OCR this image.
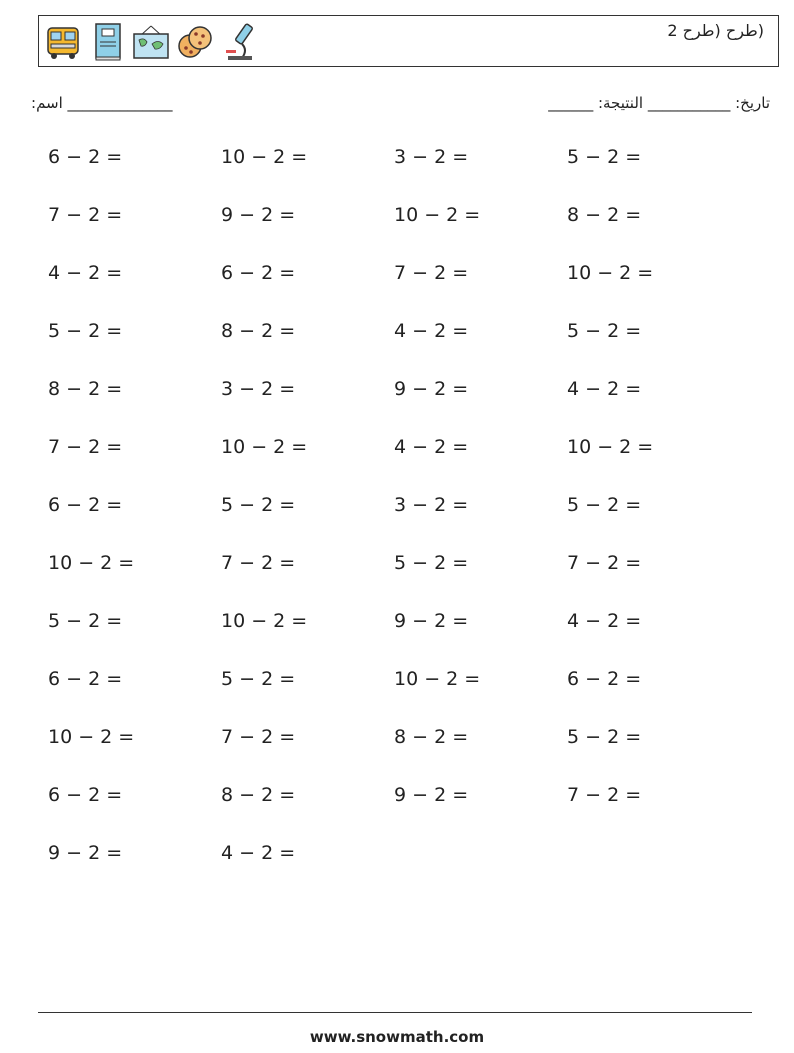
(طرح (طرح 2
:اسم ______________	______ :تاريخ: ___________ النتيجة
6 − 2 =	10 − 2 =	3 − 2 =	5 − 2 =
7 − 2 =	9 − 2 =	10 − 2 =	8 − 2 =
4 − 2 =	6 − 2 =	7 − 2 =	10 − 2 =
5 − 2 =	8 − 2 =	4 − 2 =	5 − 2 =
8 − 2 =	3 − 2 =	9 − 2 =	4 − 2 =
7 − 2 =	10 − 2 =	4 − 2 =	10 − 2 =
6 − 2 =	5 − 2 =	3 − 2 =	5 − 2 =
10 − 2 =	7 − 2 =	5 − 2 =	7 − 2 =
5 − 2 =	10 − 2 =	9 − 2 =	4 − 2 =
6 − 2 =	5 − 2 =	10 − 2 =	6 − 2 =
10 − 2 =	7 − 2 =	8 − 2 =	5 − 2 =
6 − 2 =	8 − 2 =	9 − 2 =	7 − 2 =
9 − 2 =	4 − 2 =
www.snowmath.com
